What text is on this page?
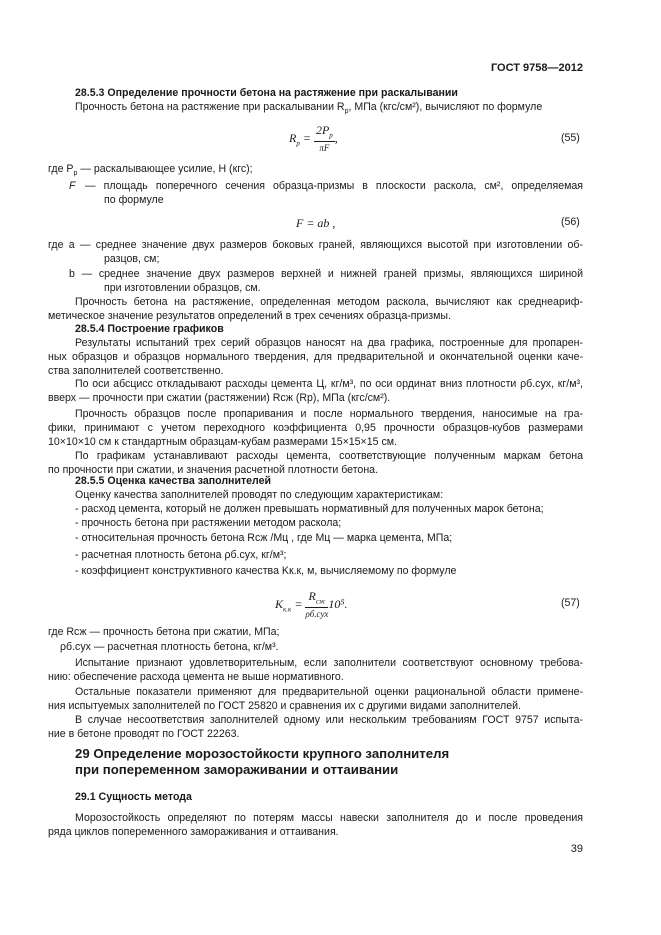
ГОСТ 9758—2012
28.5.3 Определение прочности бетона на растяжение при раскалывании
Прочность бетона на растяжение при раскалывании $R_р$, МПа (кгс/см²), вычисляют по формуле
$R_р = \frac{2P_р}{\pi F}$ ,	(55)
где $P_р$ — раскалывающее усилие, Н (кгс);
F — площадь поперечного сечения образца-призмы в плоскости раскола, см², определяемая
по формуле
F = ab ,	(56)
где a — среднее значение двух размеров боковых граней, являющихся высотой при изготовлении об-
разцов, см;
b — среднее значение двух размеров верхней и нижней граней призмы, являющихся шириной
при изготовлении образцов, см.
Прочность бетона на растяжение, определенная методом раскола, вычисляют как среднеариф-
метическое значение результатов определений в трех сечениях образца-призмы.
28.5.4 Построение графиков
Результаты испытаний трех серий образцов наносят на два графика, построенные для пропарен-
ных образцов и образцов нормального твердения, для предварительной и окончательной оценки каче-
ства заполнителей соответственно.
По оси абсцисс откладывают расходы цемента Ц, кг/м³, по оси ординат вниз плотности ρб.сух, кг/м³,
вверх — прочности при сжатии (растяжении) Rсж (Rр), МПа (кгс/см²).
Прочность образцов после пропаривания и после нормального твердения, наносимые на гра-
фики, принимают с учетом переходного коэффициента 0,95 прочности образцов-кубов размерами
10×10×10 см к стандартным образцам-кубам размерами 15×15×15 см.
По графикам устанавливают расходы цемента, соответствующие полученным маркам бетона
по прочности при сжатии, и значения расчетной плотности бетона.
28.5.5 Оценка качества заполнителей
Оценку качества заполнителей проводят по следующим характеристикам:
- расход цемента, который не должен превышать нормативный для полученных марок бетона;
- прочность бетона при растяжении методом раскола;
- относительная прочность бетона Rсж /Mц , где Mц — марка цемента, МПа;
- расчетная плотность бетона ρб.сух, кг/м³;
- коэффициент конструктивного качества Kк.к, м, вычисляемому по формуле
$K_{к.к} = \frac{R_{сж}}{\text{ρб.сух}} 10^5$.	(57)
где Rсж — прочность бетона при сжатии, МПа;
ρб.сух — расчетная плотность бетона, кг/м³.
Испытание признают удовлетворительным, если заполнители соответствуют основному требова-
нию: обеспечение расхода цемента не выше нормативного.
Остальные показатели применяют для предварительной оценки рациональной области примене-
ния испытуемых заполнителей по ГОСТ 25820 и сравнения их с другими видами заполнителей.
В случае несоответствия заполнителей одному или нескольким требованиям ГОСТ 9757 испыта-
ние в бетоне проводят по ГОСТ 22263.
29 Определение морозостойкости крупного заполнителя
при попеременном замораживании и оттаивании
29.1 Сущность метода
Морозостойкость определяют по потерям массы навески заполнителя до и после проведения
ряда циклов попеременного замораживания и оттаивания.
39
